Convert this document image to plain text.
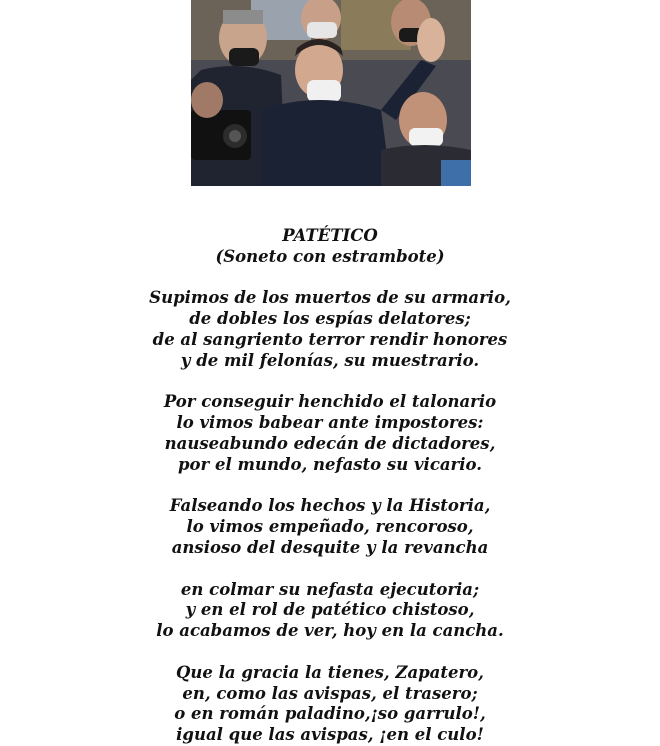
PATÉTICO
(Soneto con estrambote)
Supimos de los muertos de su armario,
de dobles los espías delatores;
de al sangriento terror rendir honores
y de mil felonías, su muestrario.
Por conseguir henchido el talonario
lo vimos babear ante impostores:
nauseabundo edecán de dictadores,
por el mundo, nefasto su vicario.
Falseando los hechos y la Historia,
lo vimos empeñado, rencoroso,
ansioso del desquite y la revancha
en colmar su nefasta ejecutoria;
y en el rol de patético chistoso,
lo acabamos de ver, hoy en la cancha.
Que la gracia la tienes, Zapatero,
en, como las avispas, el trasero;
o en román paladino,¡so garrulo!,
igual que las avispas, ¡en el culo!
